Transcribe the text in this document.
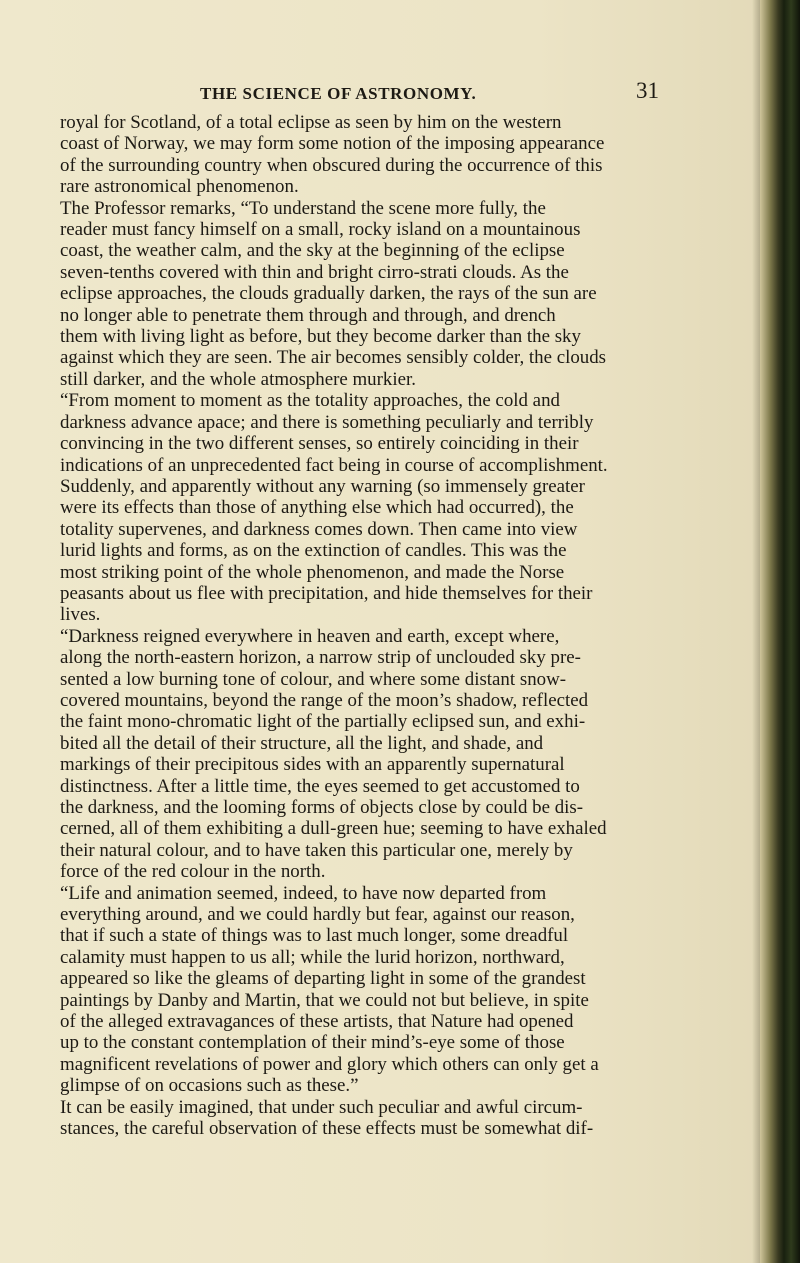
THE SCIENCE OF ASTRONOMY.	31
royal for Scotland, of a total eclipse as seen by him on the western
coast of Norway, we may form some notion of the imposing appearance
of the surrounding country when obscured during the occurrence of this
rare astronomical phenomenon.
The Professor remarks, “To understand the scene more fully, the
reader must fancy himself on a small, rocky island on a mountainous
coast, the weather calm, and the sky at the beginning of the eclipse
seven-tenths covered with thin and bright cirro-strati clouds. As the
eclipse approaches, the clouds gradually darken, the rays of the sun are
no longer able to penetrate them through and through, and drench
them with living light as before, but they become darker than the sky
against which they are seen. The air becomes sensibly colder, the clouds
still darker, and the whole atmosphere murkier.
“From moment to moment as the totality approaches, the cold and
darkness advance apace; and there is something peculiarly and terribly
convincing in the two different senses, so entirely coinciding in their
indications of an unprecedented fact being in course of accomplishment.
Suddenly, and apparently without any warning (so immensely greater
were its effects than those of anything else which had occurred), the
totality supervenes, and darkness comes down. Then came into view
lurid lights and forms, as on the extinction of candles. This was the
most striking point of the whole phenomenon, and made the Norse
peasants about us flee with precipitation, and hide themselves for their
lives.
“Darkness reigned everywhere in heaven and earth, except where,
along the north-eastern horizon, a narrow strip of unclouded sky pre-
sented a low burning tone of colour, and where some distant snow-
covered mountains, beyond the range of the moon’s shadow, reflected
the faint mono-chromatic light of the partially eclipsed sun, and exhi-
bited all the detail of their structure, all the light, and shade, and
markings of their precipitous sides with an apparently supernatural
distinctness. After a little time, the eyes seemed to get accustomed to
the darkness, and the looming forms of objects close by could be dis-
cerned, all of them exhibiting a dull-green hue; seeming to have exhaled
their natural colour, and to have taken this particular one, merely by
force of the red colour in the north.
“Life and animation seemed, indeed, to have now departed from
everything around, and we could hardly but fear, against our reason,
that if such a state of things was to last much longer, some dreadful
calamity must happen to us all; while the lurid horizon, northward,
appeared so like the gleams of departing light in some of the grandest
paintings by Danby and Martin, that we could not but believe, in spite
of the alleged extravagances of these artists, that Nature had opened
up to the constant contemplation of their mind’s-eye some of those
magnificent revelations of power and glory which others can only get a
glimpse of on occasions such as these.”
It can be easily imagined, that under such peculiar and awful circum-
stances, the careful observation of these effects must be somewhat dif-
